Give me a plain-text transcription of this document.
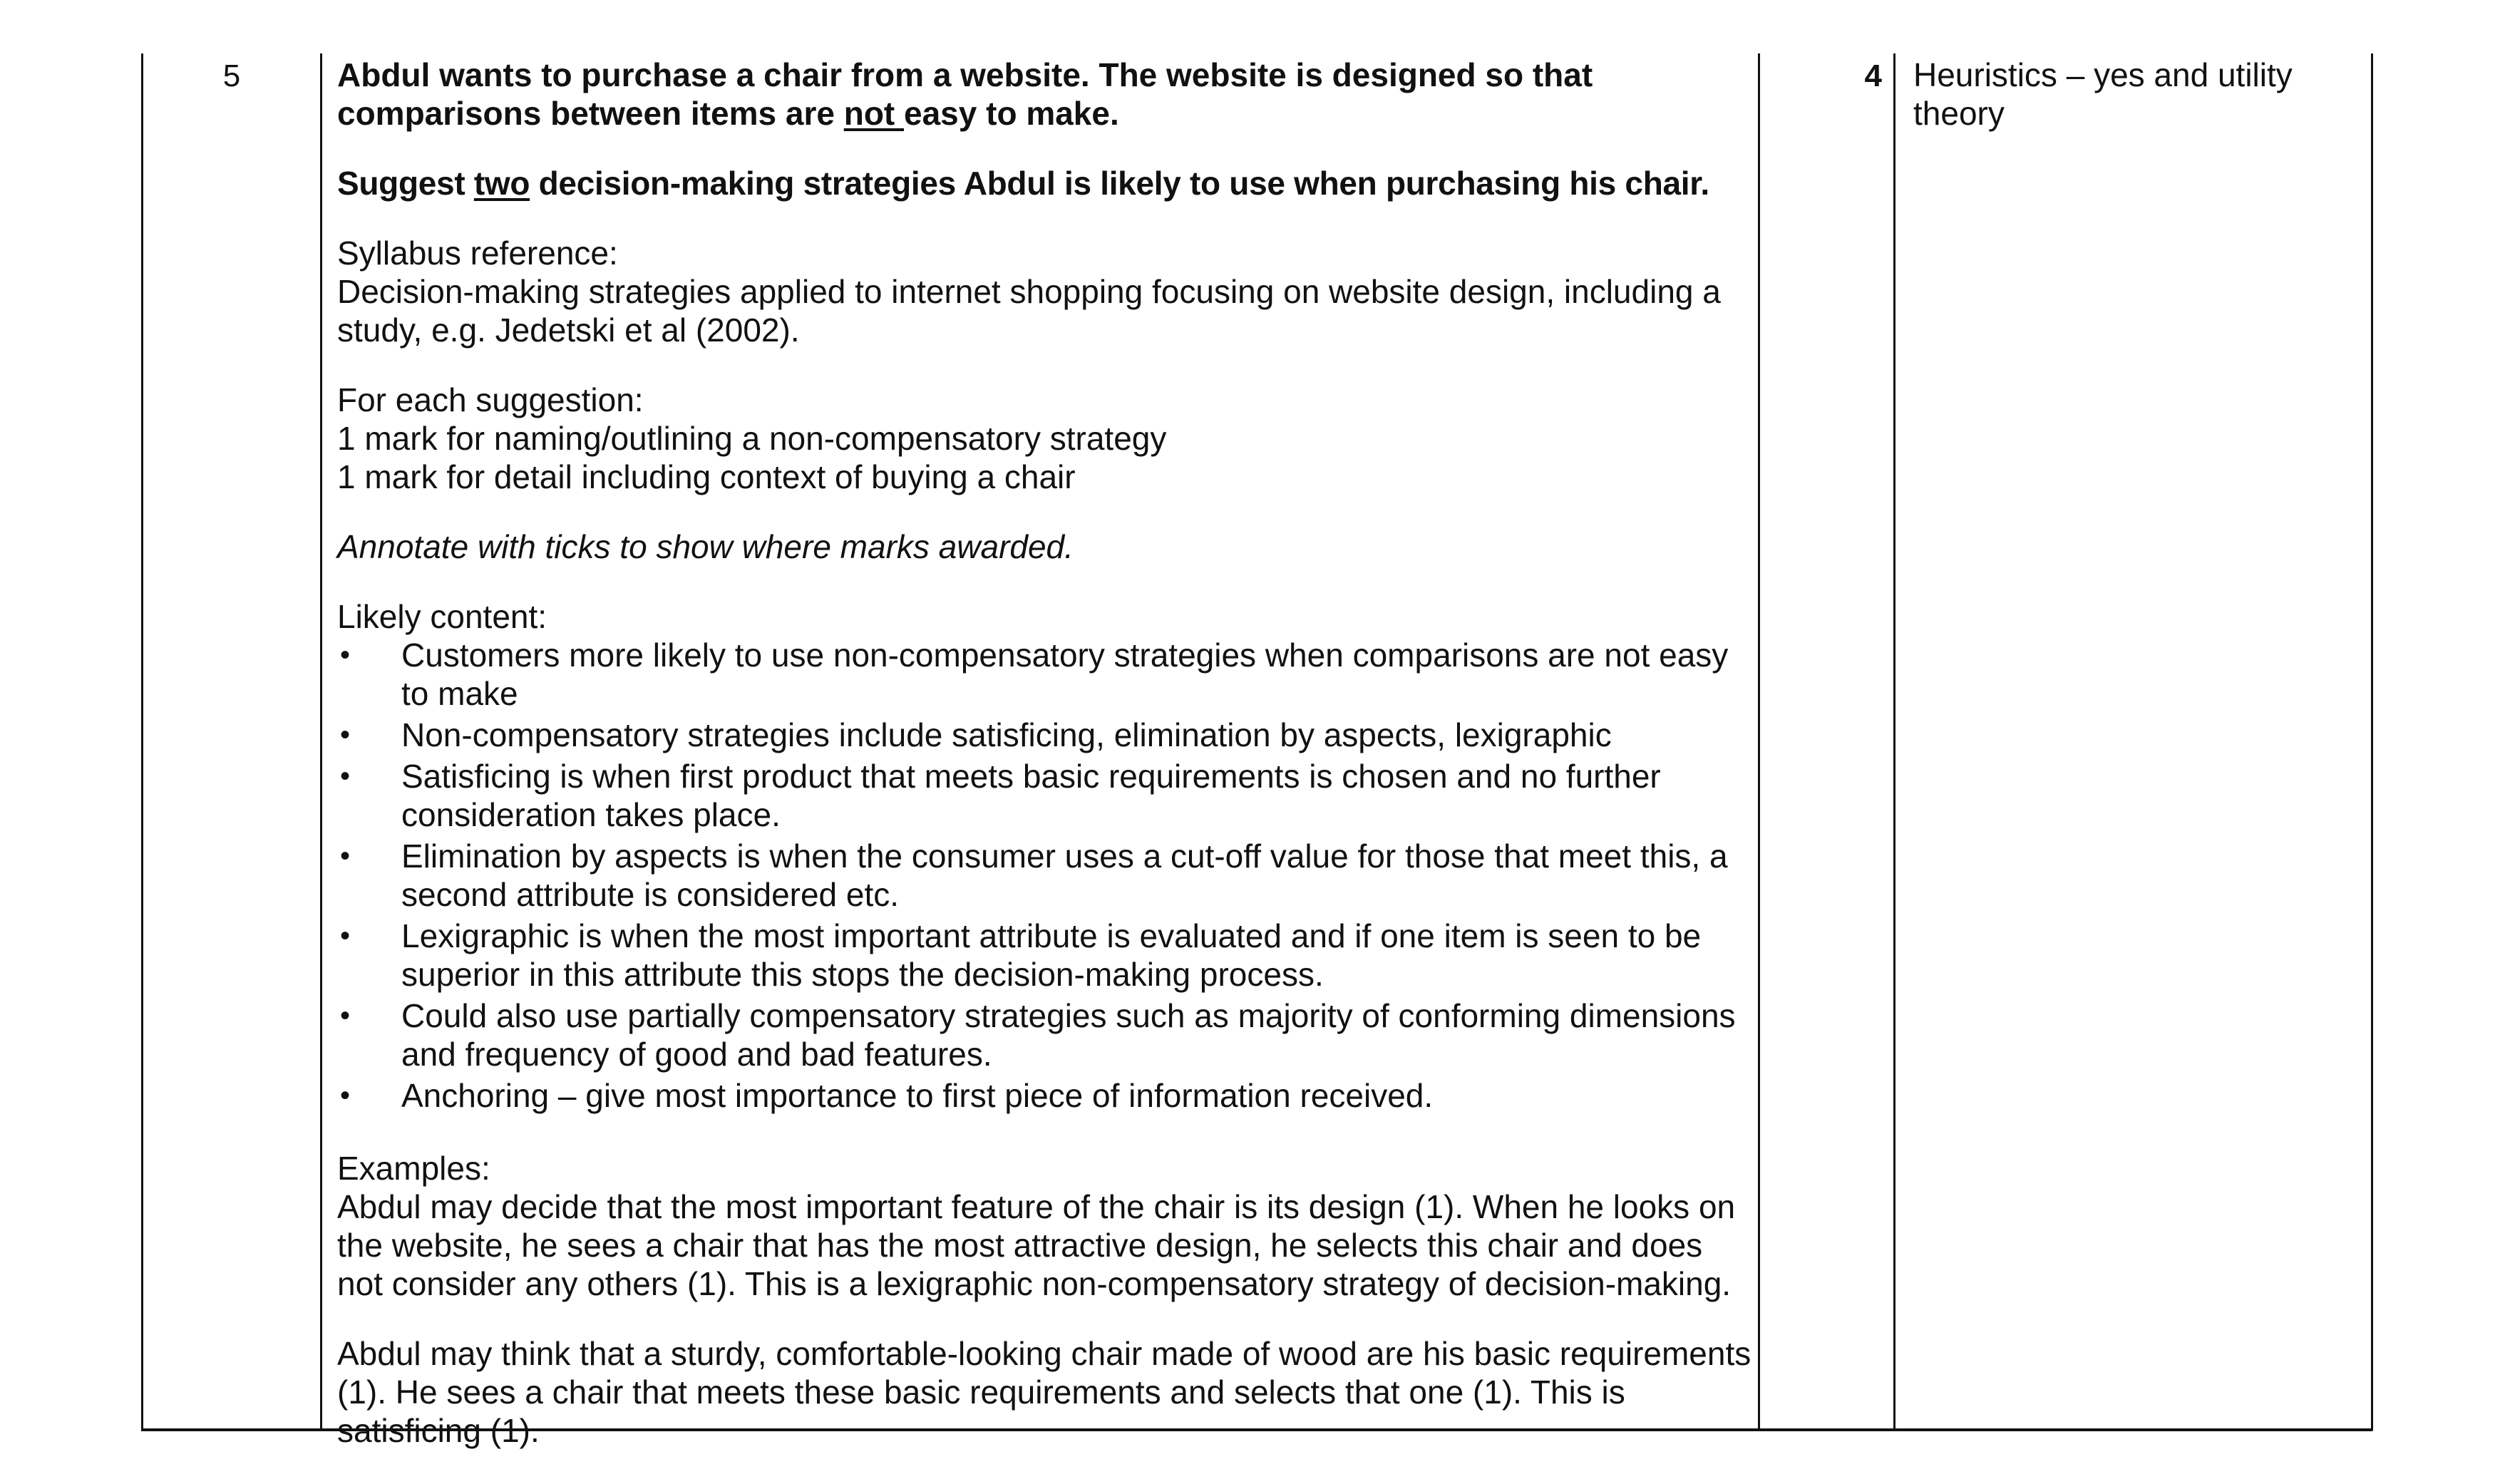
5	Abdul wants to purchase a chair from a website. The website is designed so that comparisons between items are not easy to make.

Suggest two decision-making strategies Abdul is likely to use when purchasing his chair.

Syllabus reference:

Decision-making strategies applied to internet shopping focusing on website design, including a study, e.g. Jedetski et al (2002).

For each suggestion:

1 mark for naming/outlining a non-compensatory strategy

1 mark for detail including context of buying a chair

Annotate with ticks to show where marks awarded.

Likely content:

• Customers more likely to use non-compensatory strategies when comparisons are not easy to make
• Non-compensatory strategies include satisficing, elimination by aspects, lexigraphic
• Satisficing is when first product that meets basic requirements is chosen and no further consideration takes place.
• Elimination by aspects is when the consumer uses a cut-off value for those that meet this, a second attribute is considered etc.
• Lexigraphic is when the most important attribute is evaluated and if one item is seen to be superior in this attribute this stops the decision-making process.
• Could also use partially compensatory strategies such as majority of conforming dimensions and frequency of good and bad features.
• Anchoring – give most importance to first piece of information received.

Examples:

Abdul may decide that the most important feature of the chair is its design (1). When he looks on the website, he sees a chair that has the most attractive design, he selects this chair and does not consider any others (1). This is a lexigraphic non-compensatory strategy of decision-making.

Abdul may think that a sturdy, comfortable-looking chair made of wood are his basic requirements (1). He sees a chair that meets these basic requirements and selects that one (1). This is satisficing (1).

4 Heuristics – yes and utility theory
